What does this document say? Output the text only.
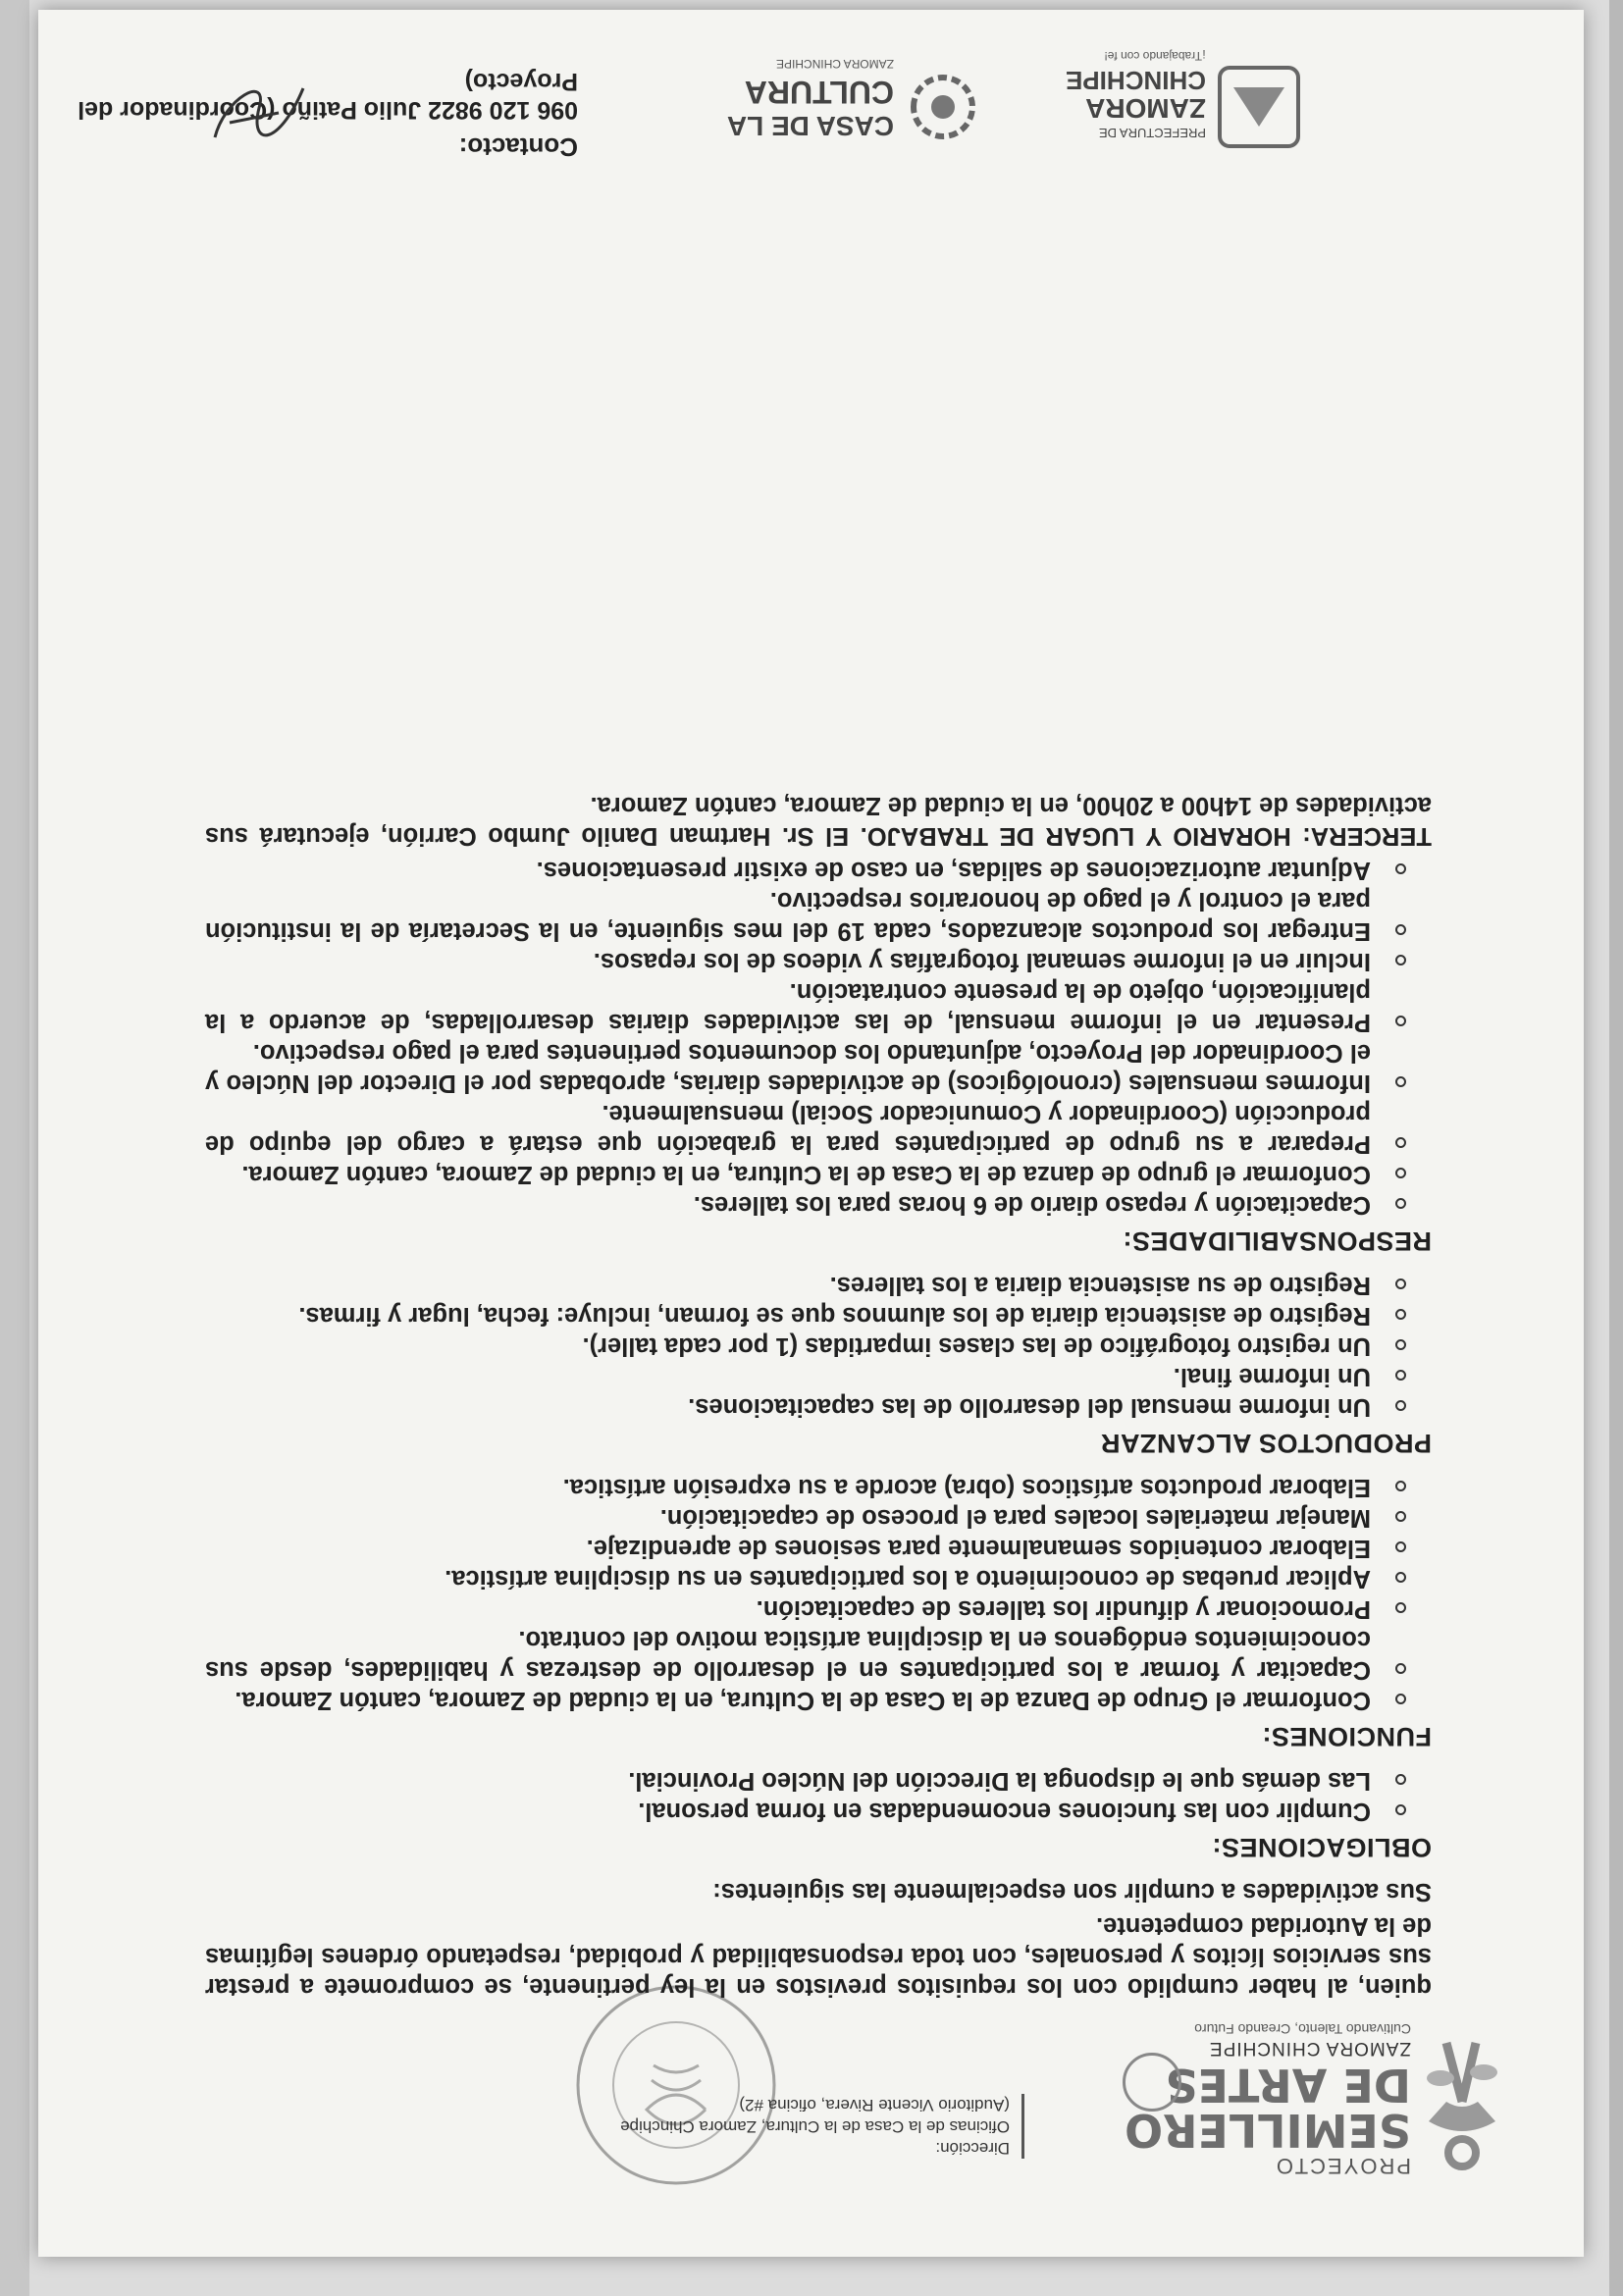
PROYECTO
SEMILLERO
DE ARTES
ZAMORA CHINCHIPE
Cultivando Talento, Creando Futuro
Dirección:
Oficinas de la Casa de la Cultura, Zamora Chinchipe
(Auditorio Vicente Rivera, oficina #2)

quien, al haber cumplido con los requisitos previstos en la ley pertinente, se compromete a prestar sus servicios lícitos y personales, con toda responsabilidad y probidad, respetando órdenes legítimas de la Autoridad competente.

Sus actividades a cumplir son especialmente las siguientes:

OBLIGACIONES:
Cumplir con las funciones encomendadas en forma personal.
Las demás que le disponga la Dirección del Núcleo Provincial.
FUNCIONES:
Conformar el Grupo de Danza de la Casa de la Cultura, en la ciudad de Zamora, cantón Zamora.
Capacitar y formar a los participantes en el desarrollo de destrezas y habilidades, desde sus conocimientos endógenos en la disciplina artística motivo del contrato.
Promocionar y difundir los talleres de capacitación.
Aplicar pruebas de conocimiento a los participantes en su disciplina artística.
Elaborar contenidos semanalmente para sesiones de aprendizaje.
Manejar materiales locales para el proceso de capacitación.
Elaborar productos artísticos (obra) acorde a su expresión artística.
PRODUCTOS ALCANZAR
Un informe mensual del desarrollo de las capacitaciones.
Un informe final.
Un registro fotográfico de las clases impartidas (1 por cada taller).
Registro de asistencia diaria de los alumnos que se forman, incluye: fecha, lugar y firmas.
Registro de su asistencia diaria a los talleres.
RESPONSABILIDADES:
Capacitación y repaso diario de 6 horas para los talleres.
Conformar el grupo de danza de la Casa de la Cultura, en la ciudad de Zamora, cantón Zamora.
Preparar a su grupo de participantes para la grabación que estará a cargo del equipo de producción (Coordinador y Comunicador Social) mensualmente.
Informes mensuales (cronológicos) de actividades diarias, aprobadas por el Director del Núcleo y el Coordinador del Proyecto, adjuntando los documentos pertinentes para el pago respectivo.
Presentar en el informe mensual, de las actividades diarias desarrolladas, de acuerdo a la planificación, objeto de la presente contratación.
Incluir en el informe semanal fotografías y videos de los repasos.
Entregar los productos alcanzados, cada 19 del mes siguiente, en la Secretaría de la institución para el control y el pago de honorarios respectivo.
Adjuntar autorizaciones de salidas, en caso de existir presentaciones.

TERCERA: HORARIO Y LUGAR DE TRABAJO. El Sr. Hartman Danilo Jumbo Carrión, ejecutará sus actividades de 14h00 a 20h00, en la ciudad de Zamora, cantón Zamora.

PREFECTURA DE
ZAMORA
CHINCHIPE
¡Trabajando con fe!
CASA DE LA
CULTURA
ZAMORA CHINCHIPE
Contacto:
096 120 9822 Julio Patiño (Coordinador del Proyecto)
